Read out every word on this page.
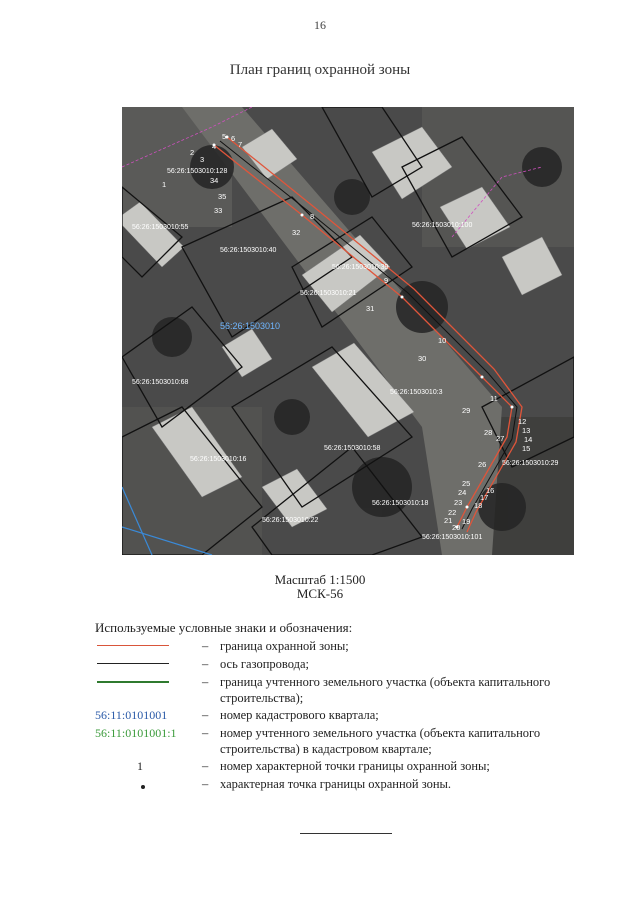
16
План границ охранной зоны
56:26:1503010:128
56:26:1503010:55
56:26:1503010:40
56:26:1503010:100
56:26:1503010:39
56:26:1503010:21
56:26:1503010:68
56:26:1503010:58
56:26:1503010:16
56:26:1503010:22
56:26:1503010:29
56:26:1503010:18
56:26:1503010:101
56:26:1503010:3
56:26:1503010
1
2
3
4
5 6
7
8
9
10
11
12
13
14
15
16
17
18
19
20
21
22
23
24
25
26
27
28
29
30
31
32
33
34
35
Масштаб 1:1500
МСК-56
Используемые условные знаки и обозначения:
– граница охранной зоны;
– ось газопровода;
– граница учтенного земельного участка (объекта капитального строительства);
56:11:0101001	– номер кадастрового квартала;
56:11:0101001:1 – номер учтенного земельного участка (объекта капитального строительства) в кадастровом квартале;
1	– номер характерной точки границы охранной зоны;
– характерная точка границы охранной зоны.
